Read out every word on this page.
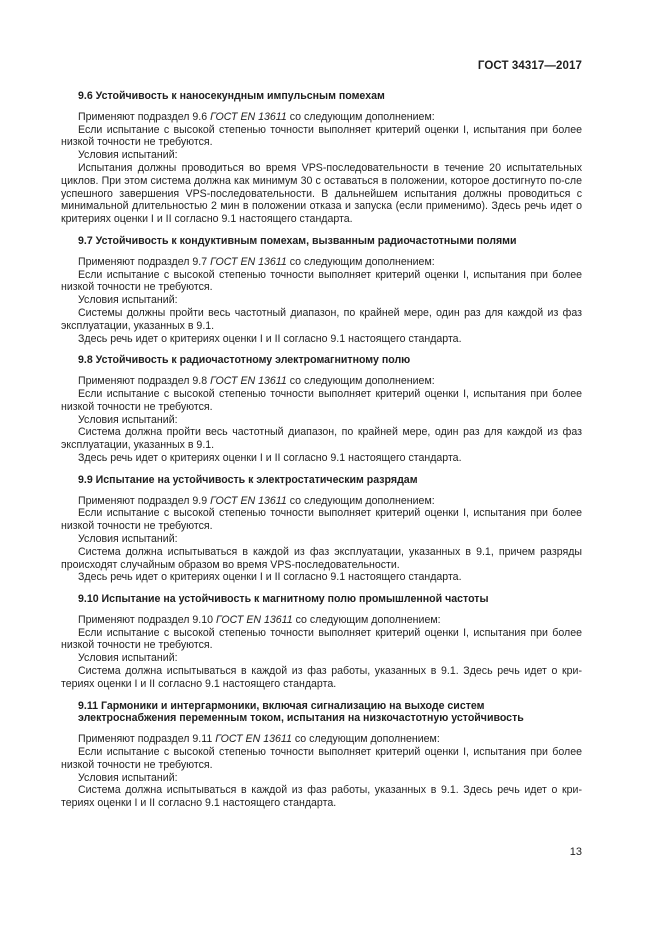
ГОСТ 34317—2017
9.6 Устойчивость к наносекундным импульсным помехам

Применяют подраздел 9.6 ГОСТ EN 13611 со следующим дополнением:

Если испытание с высокой степенью точности выполняет критерий оценки I, испытания при более низкой точности не требуются.

Условия испытаний:

Испытания должны проводиться во время VPS-последовательности в течение 20 испытательных циклов. При этом система должна как минимум 30 с оставаться в положении, которое достигнуто по-сле успешного завершения VPS-последовательности. В дальнейшем испытания должны проводиться с минимальной длительностью 2 мин в положении отказа и запуска (если применимо). Здесь речь идет о критериях оценки I и II согласно 9.1 настоящего стандарта.

9.7 Устойчивость к кондуктивным помехам, вызванным радиочастотными полями

Применяют подраздел 9.7 ГОСТ EN 13611 со следующим дополнением:

Если испытание с высокой степенью точности выполняет критерий оценки I, испытания при более низкой точности не требуются.

Условия испытаний:

Системы должны пройти весь частотный диапазон, по крайней мере, один раз для каждой из фаз эксплуатации, указанных в 9.1.

Здесь речь идет о критериях оценки I и II согласно 9.1 настоящего стандарта.

9.8 Устойчивость к радиочастотному электромагнитному полю

Применяют подраздел 9.8 ГОСТ EN 13611 со следующим дополнением:

Если испытание с высокой степенью точности выполняет критерий оценки I, испытания при более низкой точности не требуются.

Условия испытаний:

Система должна пройти весь частотный диапазон, по крайней мере, один раз для каждой из фаз эксплуатации, указанных в 9.1.

Здесь речь идет о критериях оценки I и II согласно 9.1 настоящего стандарта.

9.9 Испытание на устойчивость к электростатическим разрядам

Применяют подраздел 9.9 ГОСТ EN 13611 со следующим дополнением:

Если испытание с высокой степенью точности выполняет критерий оценки I, испытания при более низкой точности не требуются.

Условия испытаний:

Система должна испытываться в каждой из фаз эксплуатации, указанных в 9.1, причем разряды происходят случайным образом во время VPS-последовательности.

Здесь речь идет о критериях оценки I и II согласно 9.1 настоящего стандарта.

9.10 Испытание на устойчивость к магнитному полю промышленной частоты

Применяют подраздел 9.10 ГОСТ EN 13611 со следующим дополнением:

Если испытание с высокой степенью точности выполняет критерий оценки I, испытания при более низкой точности не требуются.

Условия испытаний:

Система должна испытываться в каждой из фаз работы, указанных в 9.1. Здесь речь идет о кри-териях оценки I и II согласно 9.1 настоящего стандарта.

9.11 Гармоники и интергармоники, включая сигнализацию на выходе систем
электроснабжения переменным током, испытания на низкочастотную устойчивость

Применяют подраздел 9.11 ГОСТ EN 13611 со следующим дополнением:

Если испытание с высокой степенью точности выполняет критерий оценки I, испытания при более низкой точности не требуются.

Условия испытаний:

Система должна испытываться в каждой из фаз работы, указанных в 9.1. Здесь речь идет о кри-териях оценки I и II согласно 9.1 настоящего стандарта.

13
